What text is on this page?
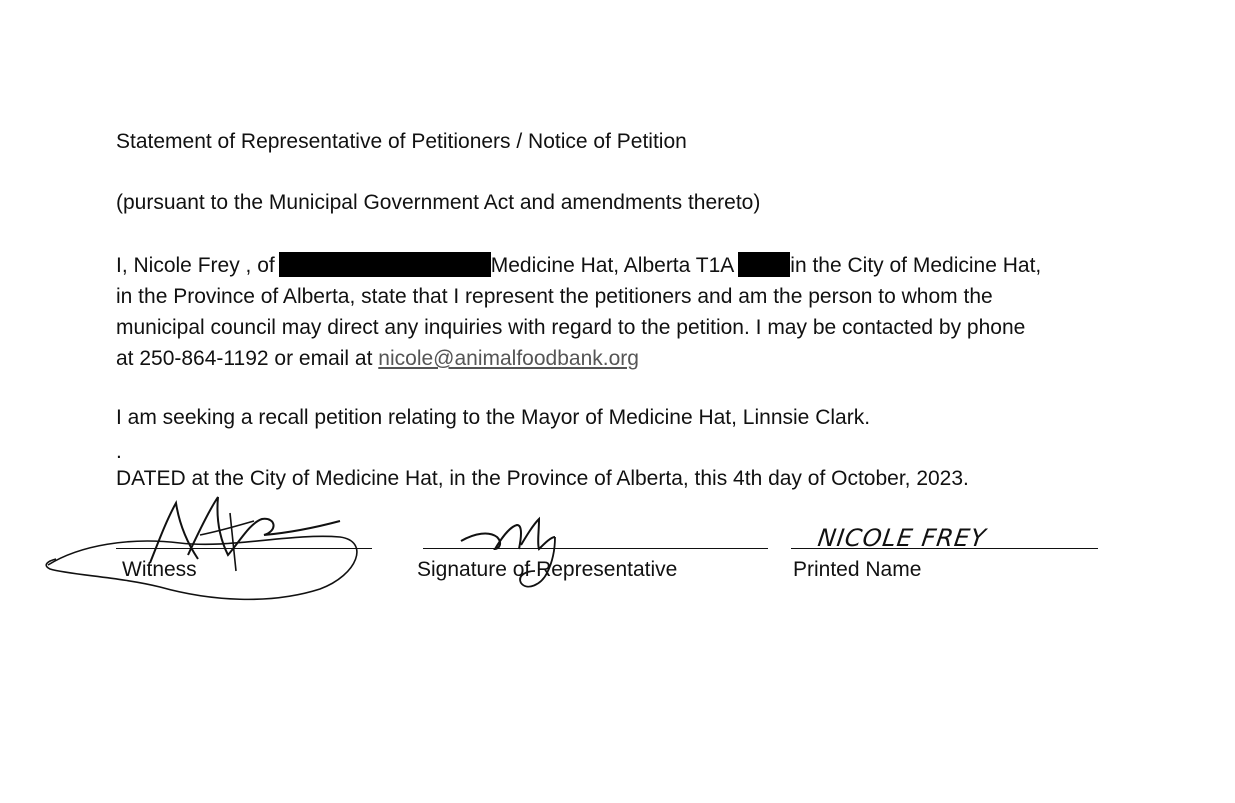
Statement of Representative of Petitioners / Notice of Petition
(pursuant to the Municipal Government Act and amendments thereto)
I, Nicole Frey , of	Medicine Hat, Alberta T1A	in the City of Medicine Hat,
in the Province of Alberta, state that I represent the petitioners and am the person to whom the
municipal council may direct any inquiries with regard to the petition. I may be contacted by phone
at 250-864-1192 or email at nicole@animalfoodbank.org
I am seeking a recall petition relating to the Mayor of Medicine Hat, Linnsie Clark.
.
DATED at the City of Medicine Hat, in the Province of Alberta, this 4th day of October, 2023.
Witness	Signature of Representative	Printed Name
NICOLE FREY
